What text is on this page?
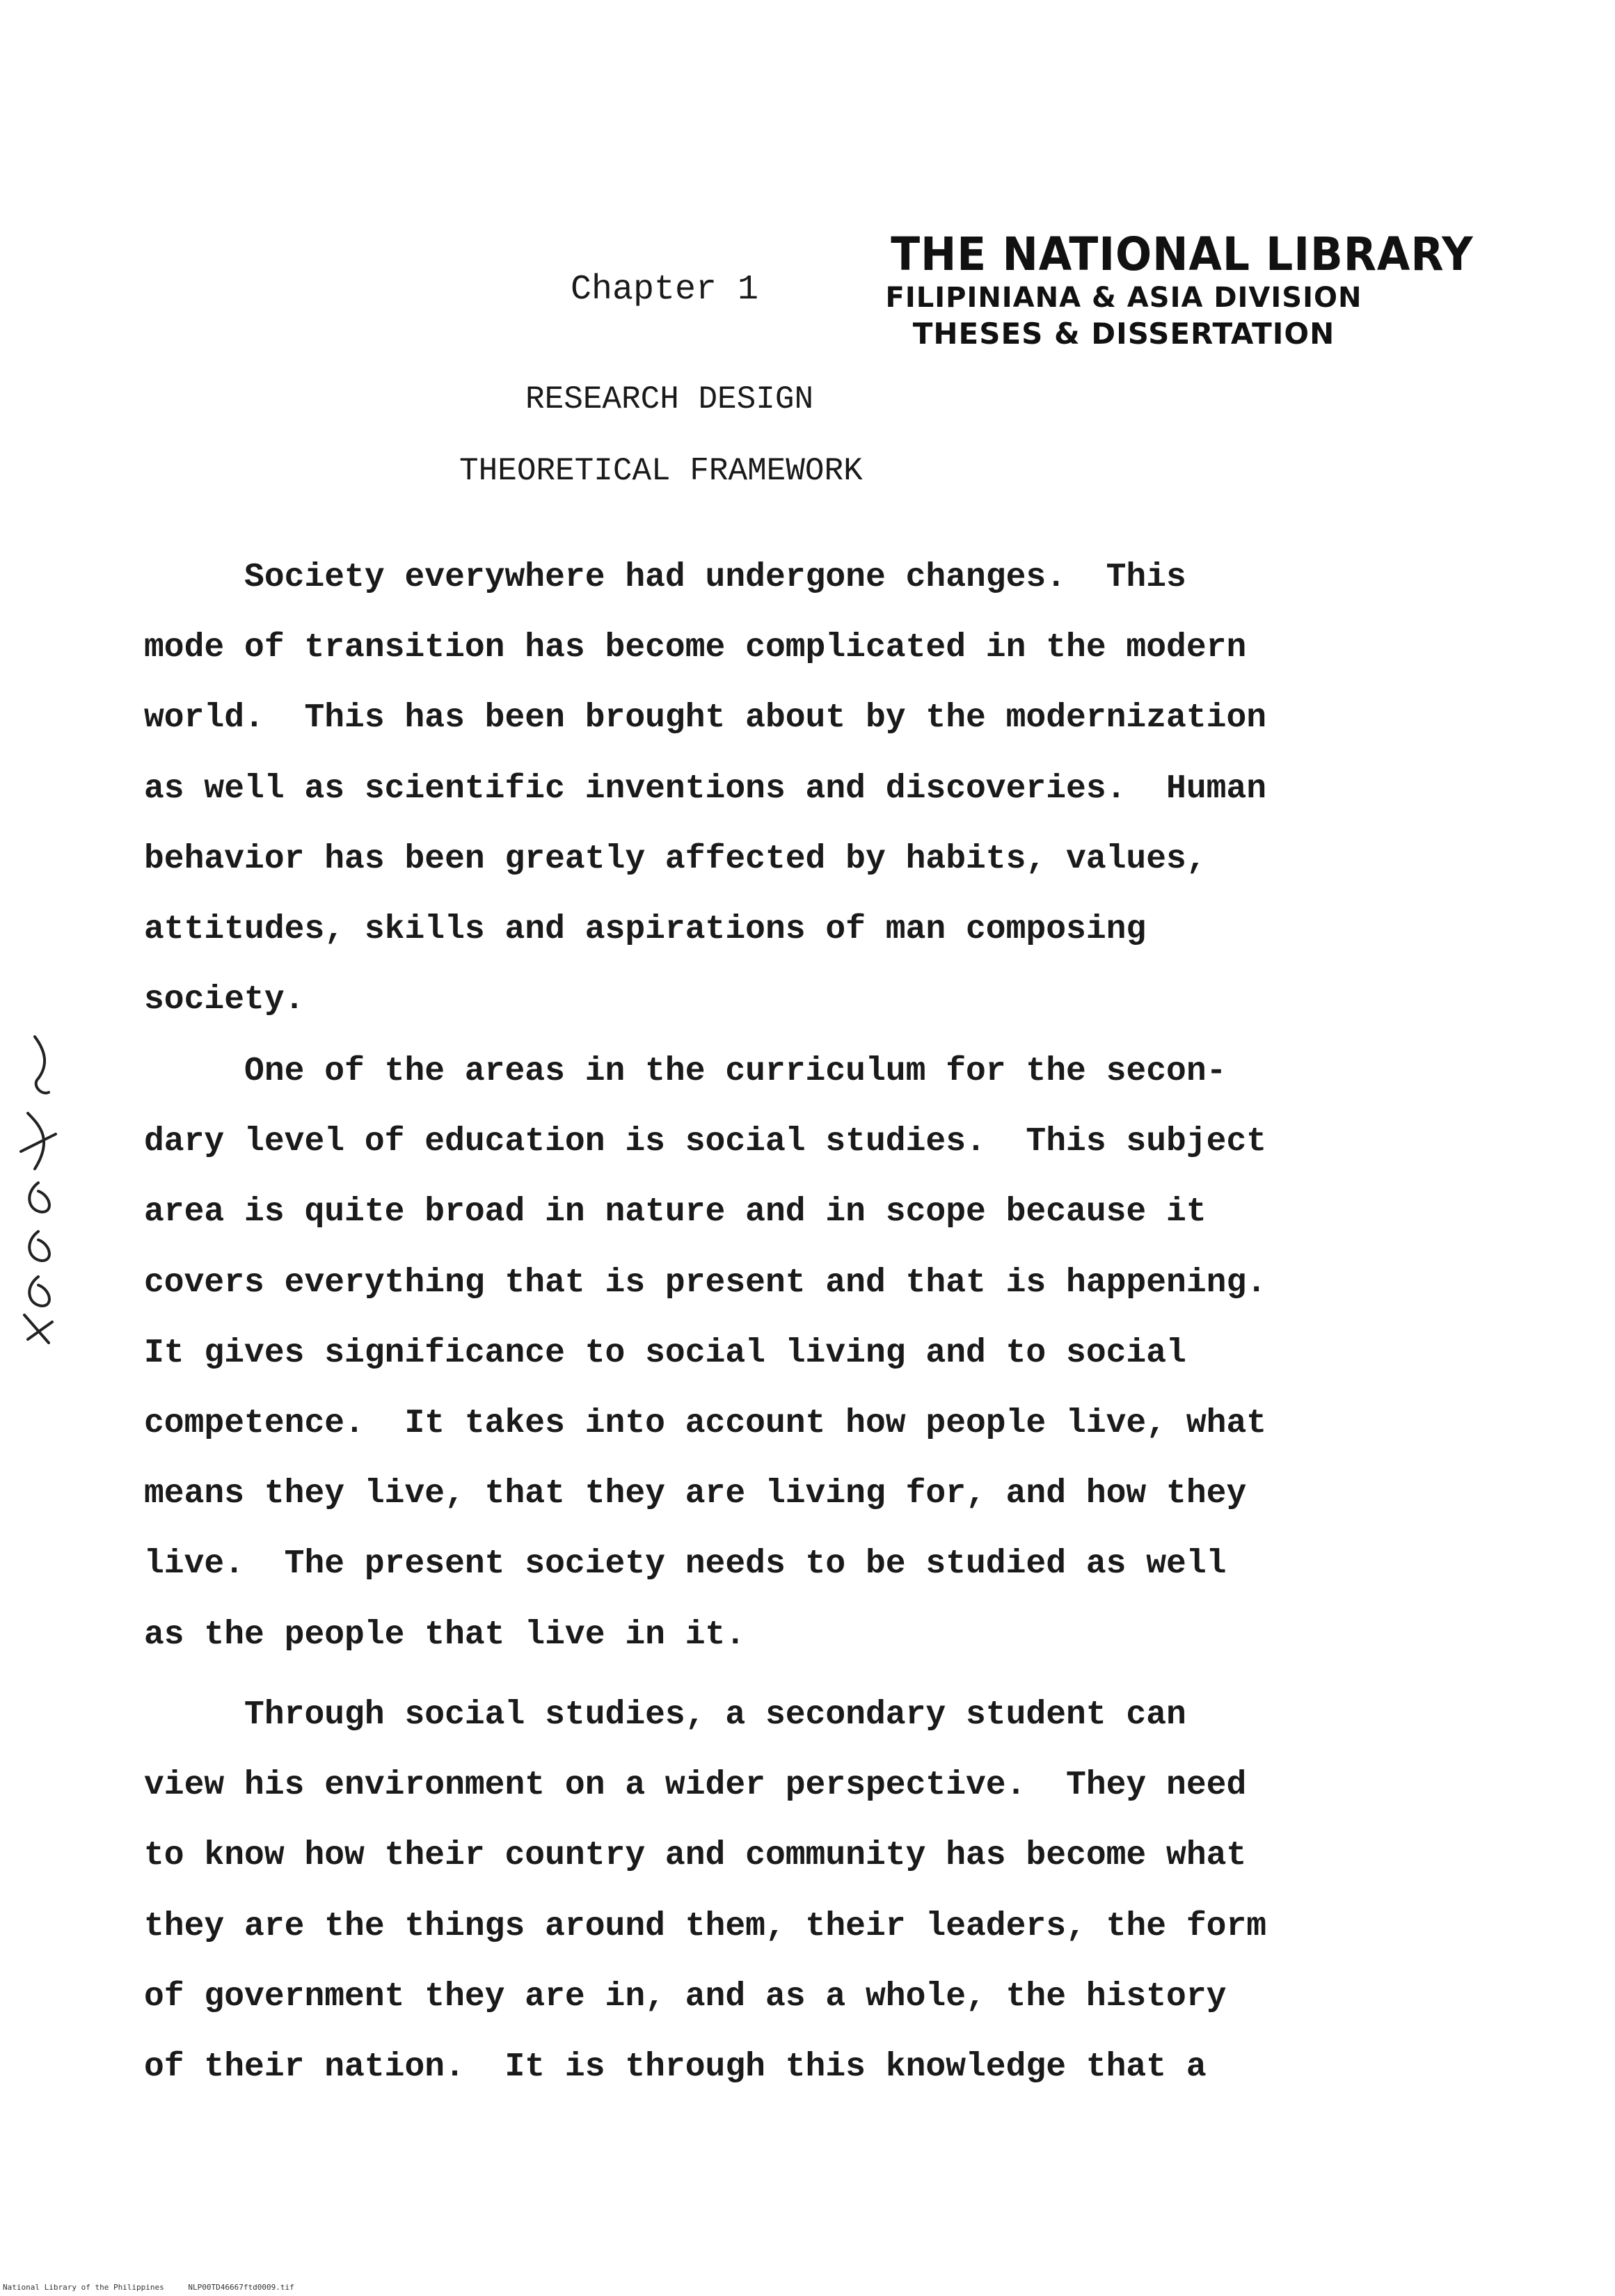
THE NATIONAL LIBRARY
FILIPINIANA & ASIA DIVISION
THESES & DISSERTATION
Chapter 1
RESEARCH DESIGN
THEORETICAL FRAMEWORK
Society everywhere had undergone changes.  This
mode of transition has become complicated in the modern
world.  This has been brought about by the modernization
as well as scientific inventions and discoveries.  Human
behavior has been greatly affected by habits, values,
attitudes, skills and aspirations of man composing
society.
One of the areas in the curriculum for the secon-
dary level of education is social studies.  This subject
area is quite broad in nature and in scope because it
covers everything that is present and that is happening.
It gives significance to social living and to social
competence.  It takes into account how people live, what
means they live, that they are living for, and how they
live.  The present society needs to be studied as well
as the people that live in it.
Through social studies, a secondary student can
view his environment on a wider perspective.  They need
to know how their country and community has become what
they are the things around them, their leaders, the form
of government they are in, and as a whole, the history
of their nation.  It is through this knowledge that a
National Library of the Philippines	NLP00TD46667ftd0009.tif
